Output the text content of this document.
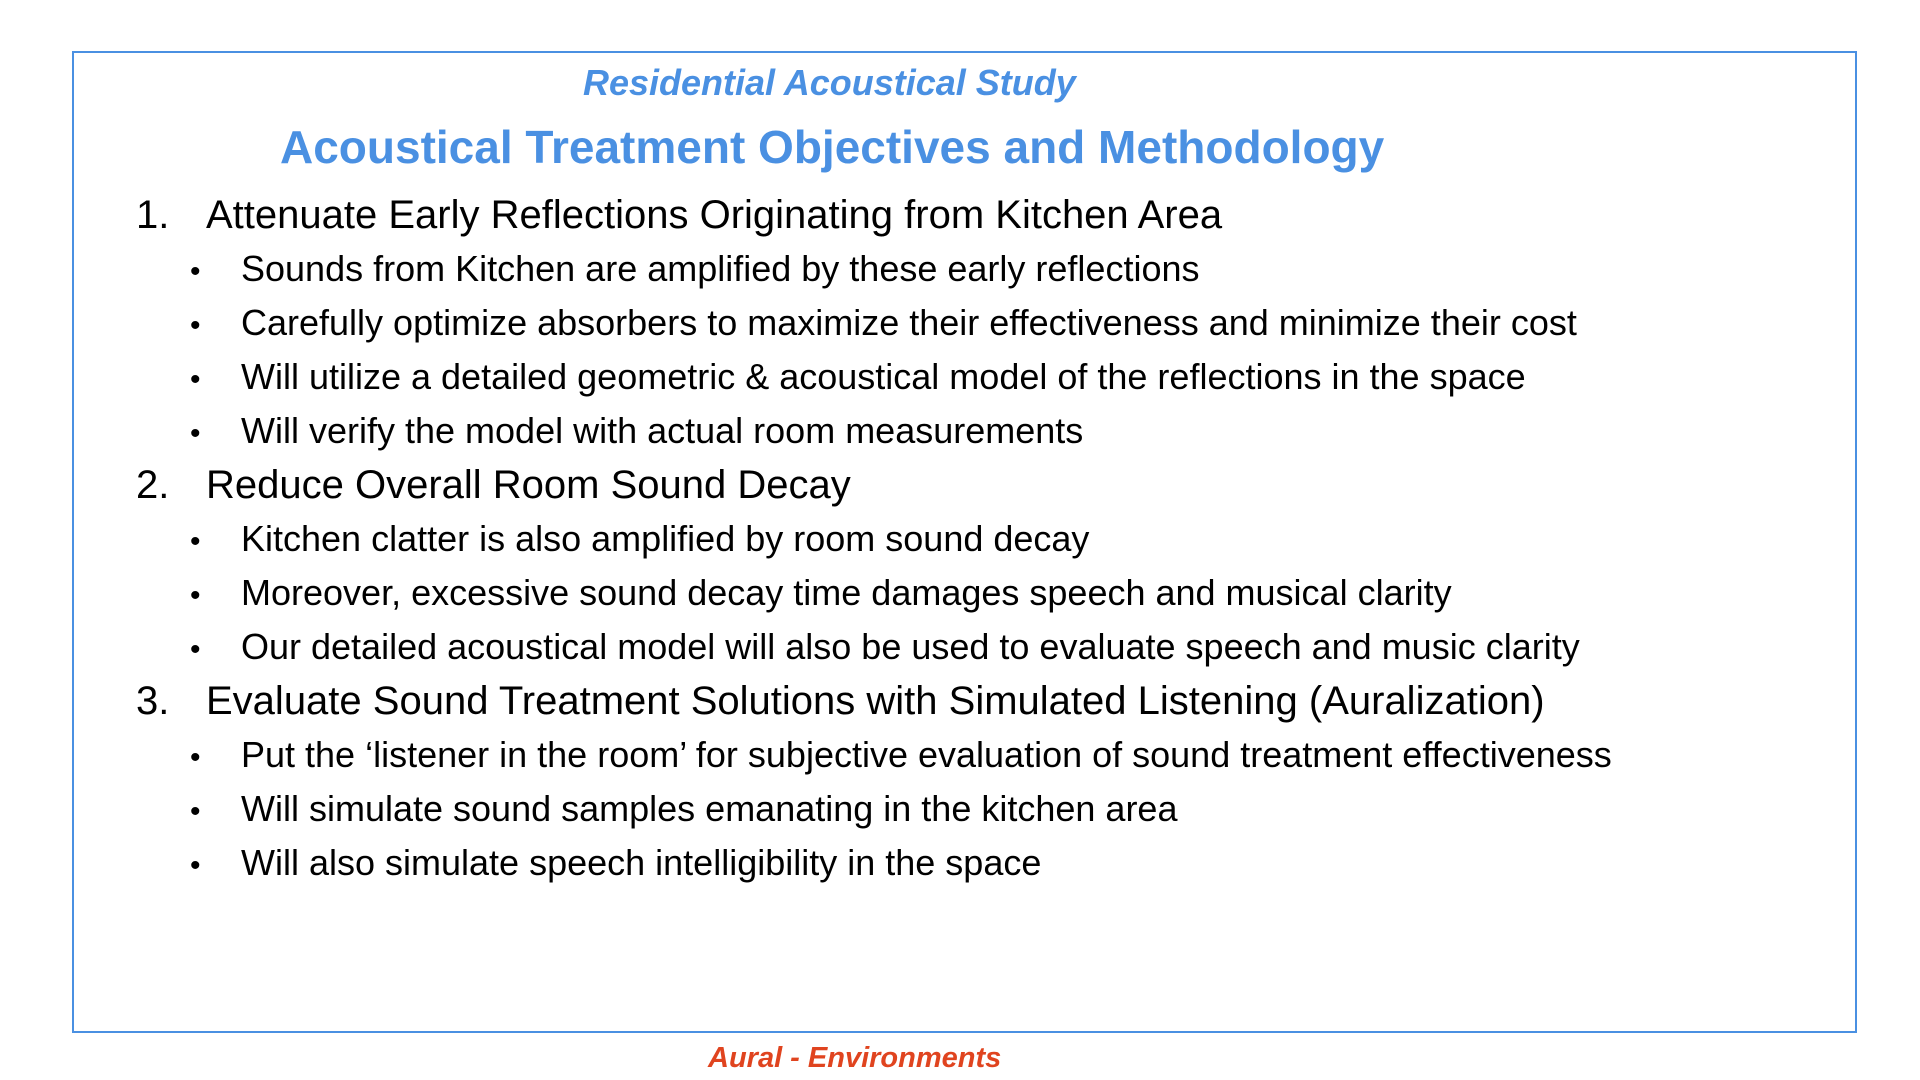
Residential Acoustical Study
Acoustical Treatment Objectives and Methodology
1. Attenuate Early Reflections Originating from Kitchen Area
•	Sounds from Kitchen are amplified by these early reflections
•	Carefully optimize absorbers to maximize their effectiveness and minimize their cost
•	Will utilize a detailed geometric & acoustical model of the reflections in the space
•	Will verify the model with actual room measurements
2. Reduce Overall Room Sound Decay
•	Kitchen clatter is also amplified by room sound decay
•	Moreover, excessive sound decay time damages speech and musical clarity
•	Our detailed acoustical model will also be used to evaluate speech and music clarity
3. Evaluate Sound Treatment Solutions with Simulated Listening (Auralization)
•	Put the ‘listener in the room’ for subjective evaluation of sound treatment effectiveness
•	Will simulate sound samples emanating in the kitchen area
•	Will also simulate speech intelligibility in the space
Aural - Environments
